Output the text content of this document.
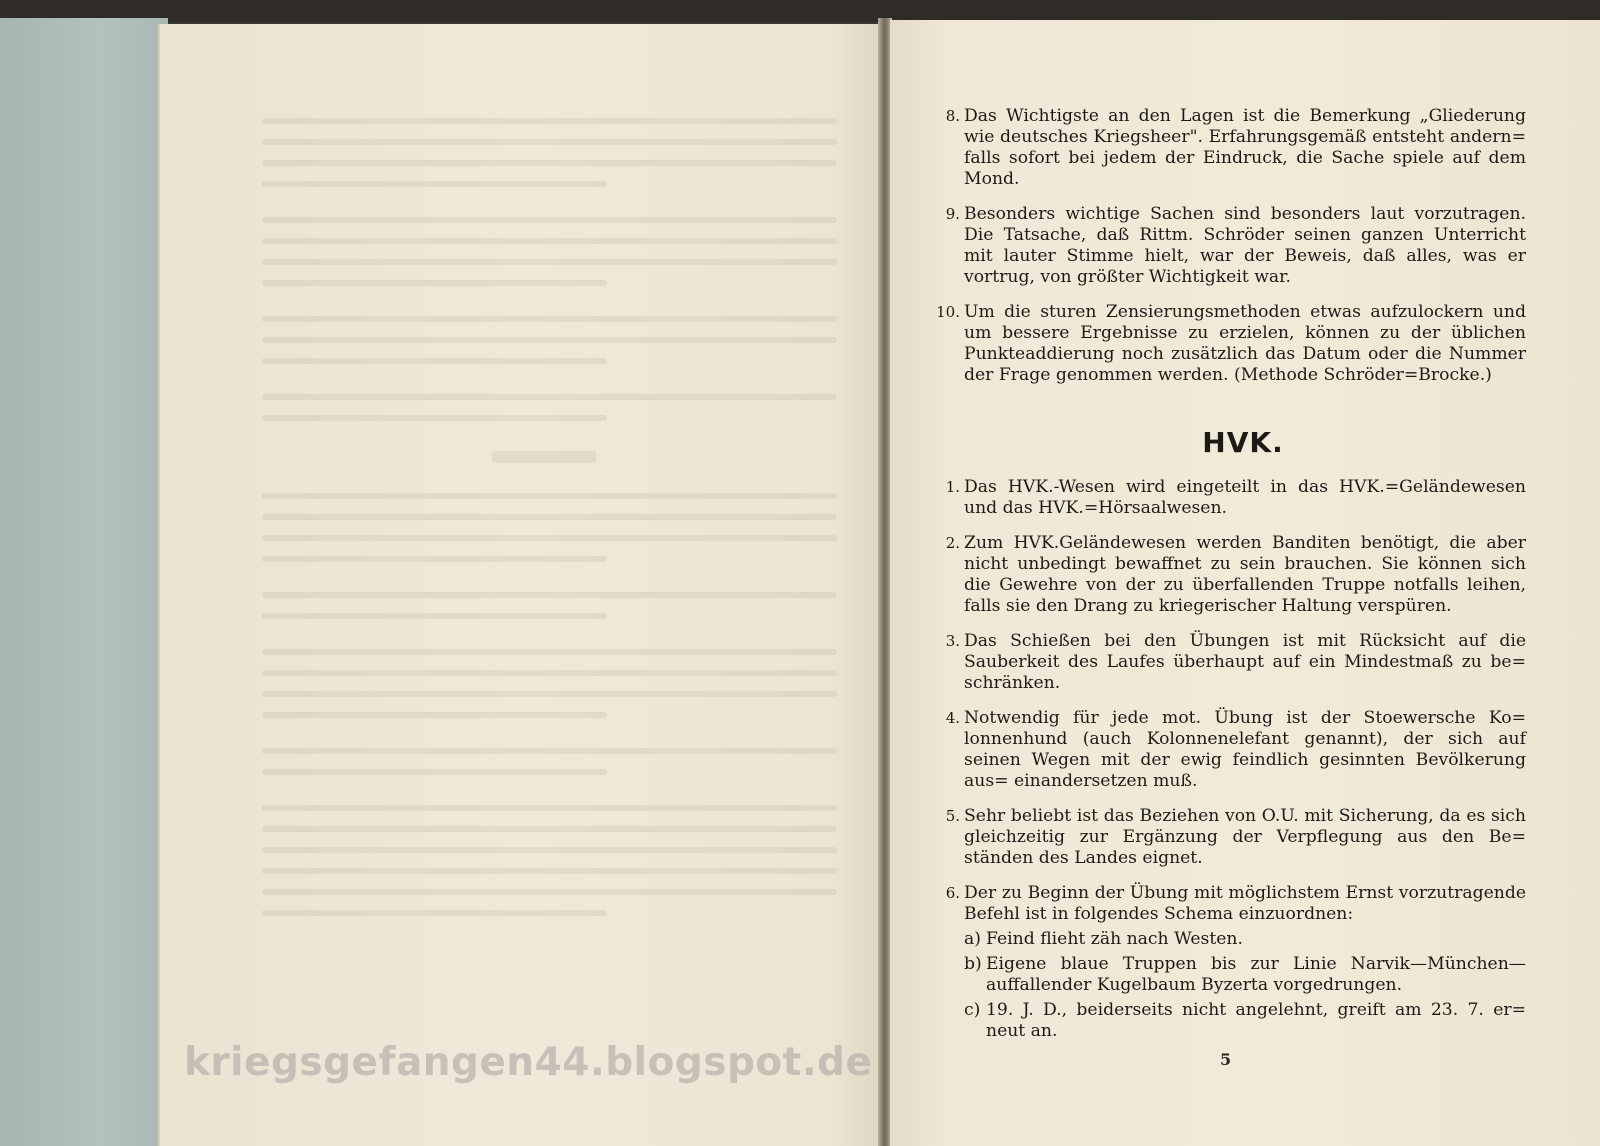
8. Das Wichtigste an den Lagen ist die Bemerkung „Gliederung wie deutsches Kriegsheer". Erfahrungsgemäß entsteht andern= falls sofort bei jedem der Eindruck, die Sache spiele auf dem Mond.
9. Besonders wichtige Sachen sind besonders laut vorzutragen. Die Tatsache, daß Rittm. Schröder seinen ganzen Unterricht mit lauter Stimme hielt, war der Beweis, daß alles, was er vortrug, von größter Wichtigkeit war.
10. Um die sturen Zensierungsmethoden etwas aufzulockern und um bessere Ergebnisse zu erzielen, können zu der üblichen Punkteaddierung noch zusätzlich das Datum oder die Nummer der Frage genommen werden. (Methode Schröder=Brocke.)
HVK.
1. Das HVK.-Wesen wird eingeteilt in das HVK.=Geländewesen und das HVK.=Hörsaalwesen.
2. Zum HVK.Geländewesen werden Banditen benötigt, die aber nicht unbedingt bewaffnet zu sein brauchen. Sie können sich die Gewehre von der zu überfallenden Truppe notfalls leihen, falls sie den Drang zu kriegerischer Haltung verspüren.
3. Das Schießen bei den Übungen ist mit Rücksicht auf die Sauberkeit des Laufes überhaupt auf ein Mindestmaß zu be= schränken.
4. Notwendig für jede mot. Übung ist der Stoewersche Ko= lonnenhund (auch Kolonnenelefant genannt), der sich auf seinen Wegen mit der ewig feindlich gesinnten Bevölkerung aus= einandersetzen muß.
5. Sehr beliebt ist das Beziehen von O.U. mit Sicherung, da es sich gleichzeitig zur Ergänzung der Verpflegung aus den Be= ständen des Landes eignet.
6. Der zu Beginn der Übung mit möglichstem Ernst vorzutragende Befehl ist in folgendes Schema einzuordnen:
a) Feind flieht zäh nach Westen.
b) Eigene blaue Truppen bis zur Linie Narvik—München— auffallender Kugelbaum Byzerta vorgedrungen.
c) 19. J. D., beiderseits nicht angelehnt, greift am 23. 7. er= neut an.
5
kriegsgefangen44.blogspot.de
